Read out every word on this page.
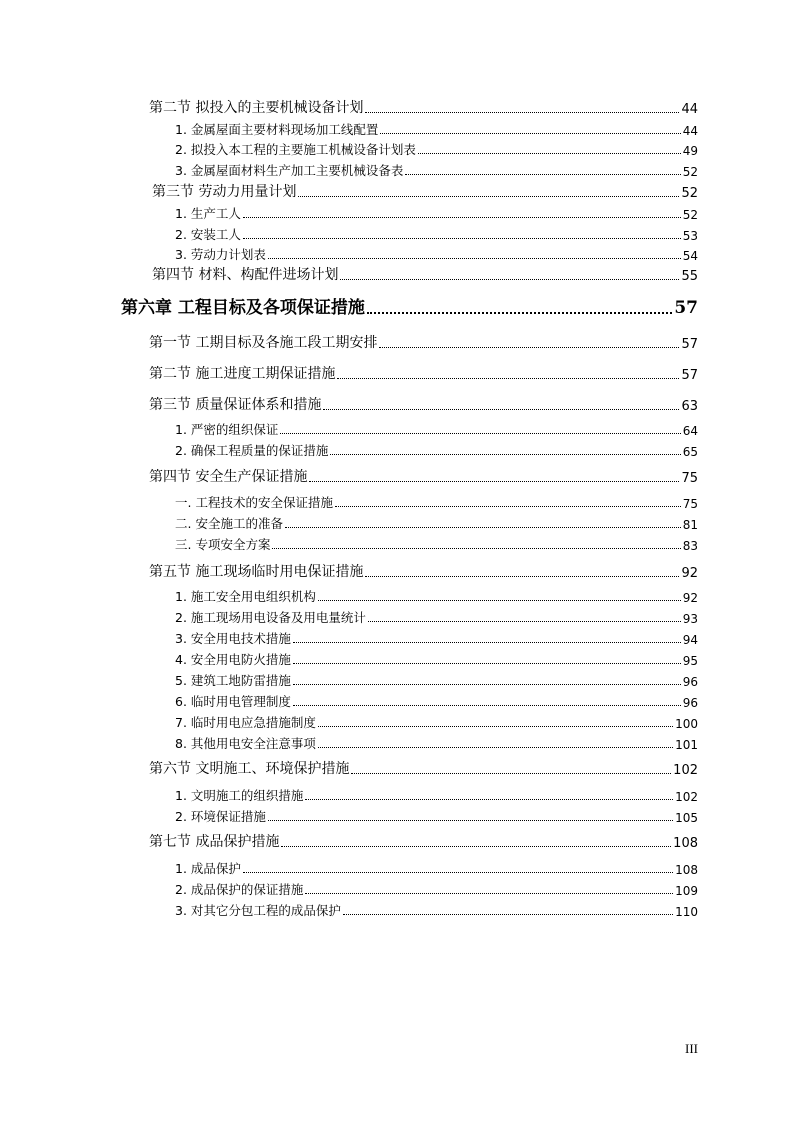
第二节 拟投入的主要机械设备计划	44
1. 金属屋面主要材料现场加工线配置	44
2. 拟投入本工程的主要施工机械设备计划表	49
3. 金属屋面材料生产加工主要机械设备表	52
第三节 劳动力用量计划	52
1. 生产工人	52
2. 安装工人	53
3. 劳动力计划表	54
第四节 材料、构配件进场计划	55
第六章 工程目标及各项保证措施	57
第一节 工期目标及各施工段工期安排	57
第二节 施工进度工期保证措施	57
第三节 质量保证体系和措施	63
1. 严密的组织保证	64
2. 确保工程质量的保证措施	65
第四节 安全生产保证措施	75
一. 工程技术的安全保证措施	75
二. 安全施工的准备	81
三. 专项安全方案	83
第五节 施工现场临时用电保证措施	92
1. 施工安全用电组织机构	92
2. 施工现场用电设备及用电量统计	93
3. 安全用电技术措施	94
4. 安全用电防火措施	95
5. 建筑工地防雷措施	96
6. 临时用电管理制度	96
7. 临时用电应急措施制度	100
8. 其他用电安全注意事项	101
第六节 文明施工、环境保护措施	102
1. 文明施工的组织措施	102
2. 环境保证措施	105
第七节 成品保护措施	108
1. 成品保护	108
2. 成品保护的保证措施	109
3. 对其它分包工程的成品保护	110
III
